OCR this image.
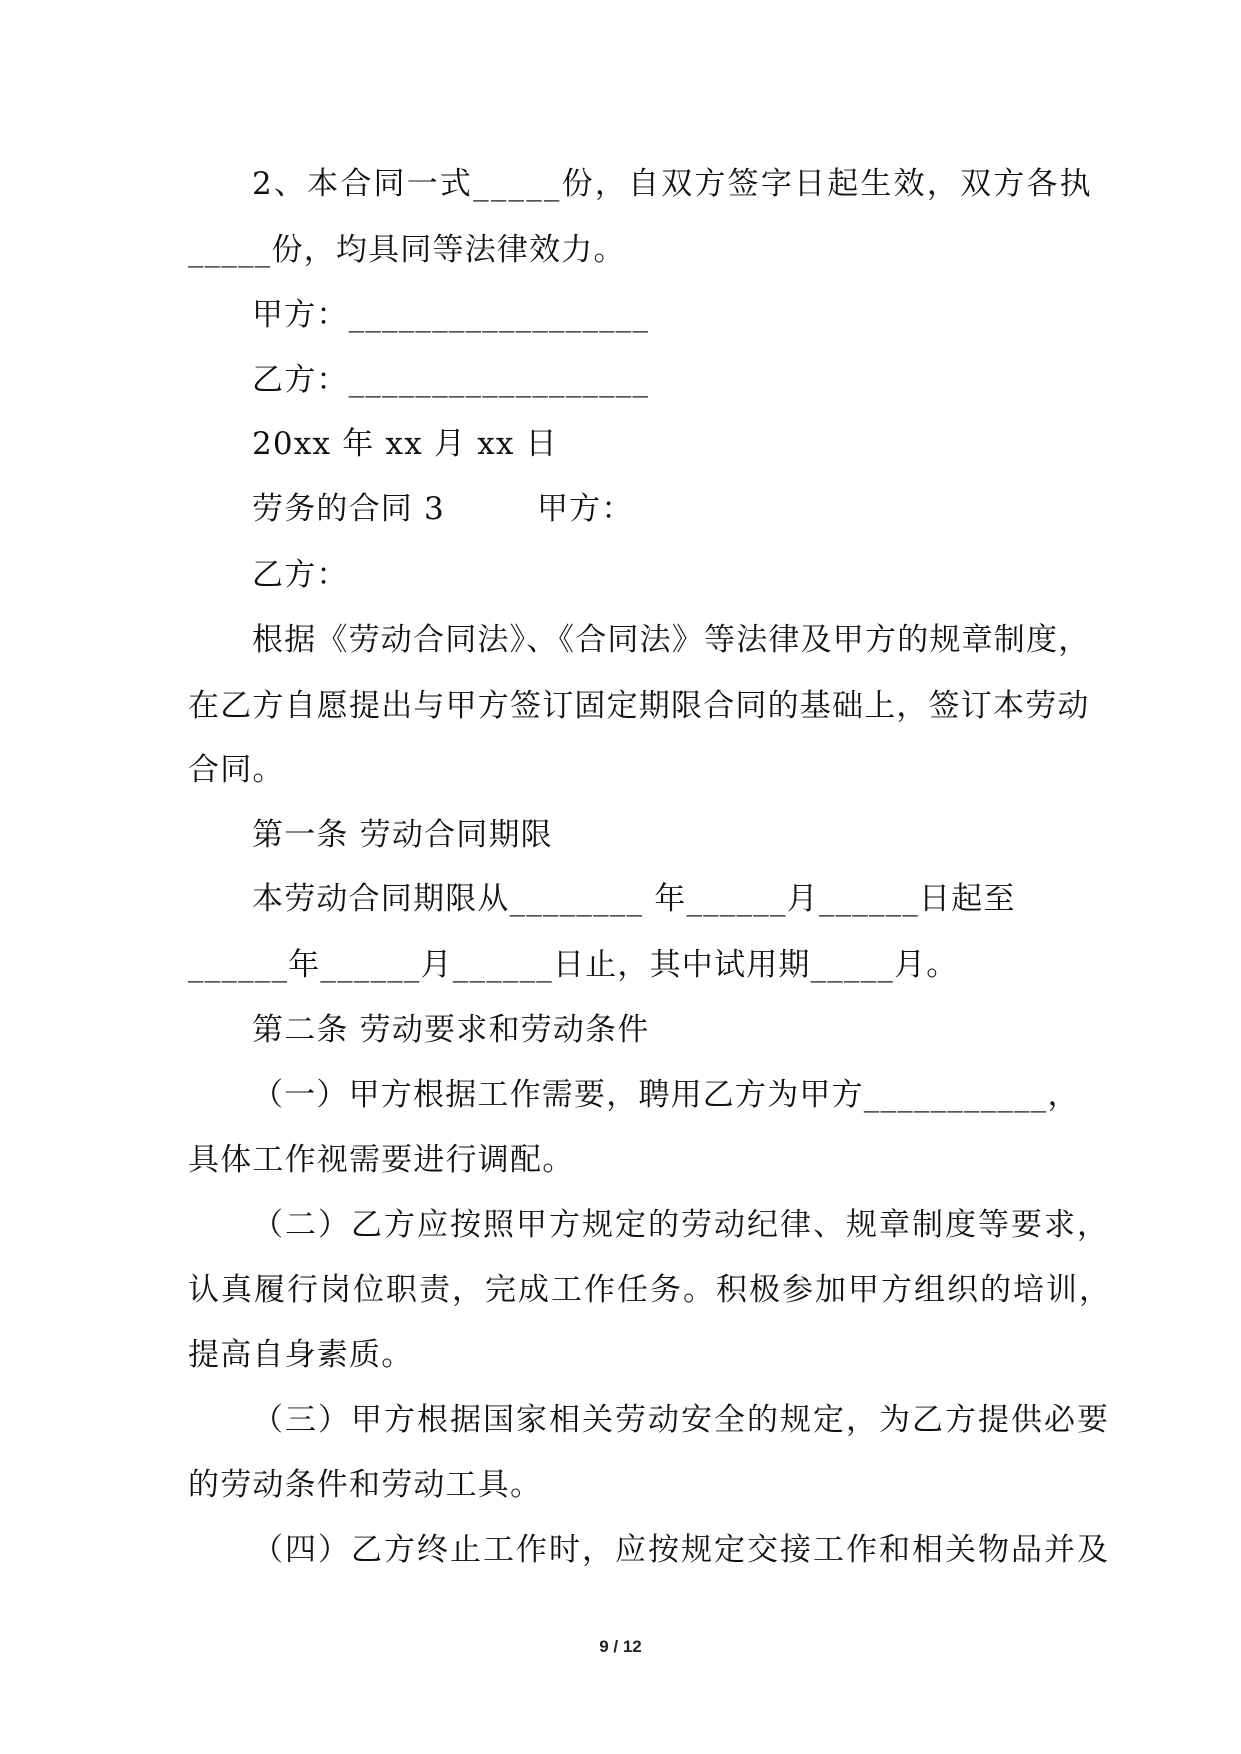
2、本合同一式_____份，自双方签字日起生效，双方各执
_____份，均具同等法律效力。
甲方：__________________
乙方：__________________
20xx 年 xx 月 xx 日
劳务的合同 3	甲方：
乙方：
根据《劳动合同法》、《合同法》等法律及甲方的规章制度，
在乙方自愿提出与甲方签订固定期限合同的基础上，签订本劳动
合同。
第一条 劳动合同期限
本劳动合同期限从________ 年______月______日起至
______年______月______日止，其中试用期_____月。
第二条 劳动要求和劳动条件
（一）甲方根据工作需要，聘用乙方为甲方___________，
具体工作视需要进行调配。
（二）乙方应按照甲方规定的劳动纪律、规章制度等要求，
认真履行岗位职责，完成工作任务。积极参加甲方组织的培训，
提高自身素质。
（三）甲方根据国家相关劳动安全的规定，为乙方提供必要
的劳动条件和劳动工具。
（四）乙方终止工作时，应按规定交接工作和相关物品并及
9 / 12
